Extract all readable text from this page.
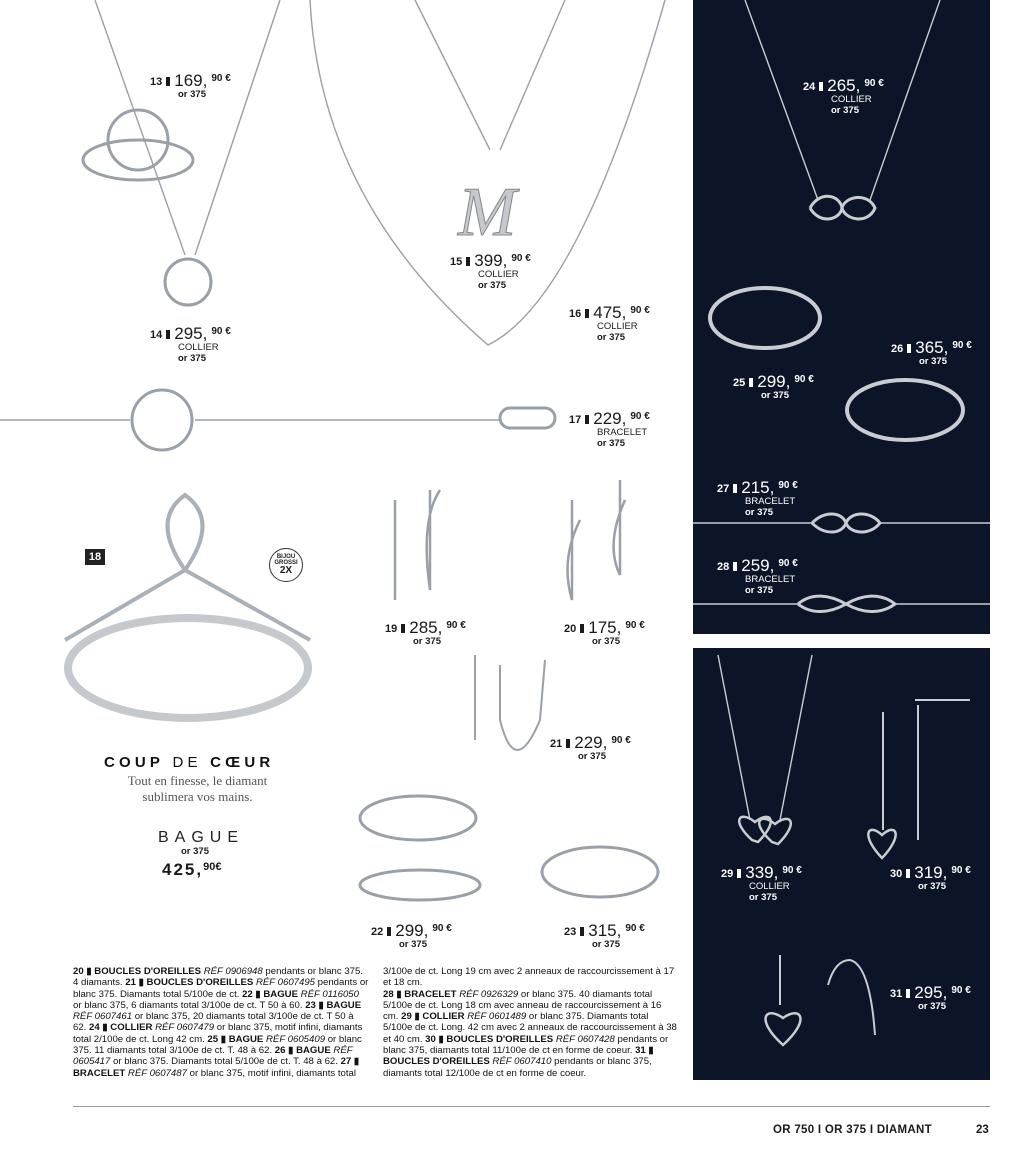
M
13 169, 90 €
or 375
14 295, 90 €
COLLIER
or 375
15 399, 90 €
COLLIER
or 375
16 475, 90 €
COLLIER
or 375
17 229, 90 €
BRACELET
or 375
19 285, 90 €
or 375
20 175, 90 €
or 375
21 229, 90 €
or 375
22 299, 90 €
or 375
23 315, 90 €
or 375
24 265, 90 €
COLLIER
or 375
25 299, 90 €
or 375
26 365, 90 €
or 375
27 215, 90 €
BRACELET
or 375
28 259, 90 €
BRACELET
or 375
29 339, 90 €
COLLIER
or 375
30 319, 90 €
or 375
31 295, 90 €
or 375
18	BIJOU
GROSSI
2X
COUP DE CŒUR
Tout en finesse, le diamant
sublimera vos mains.
BAGUE
or 375
425, 90€
20 ▮ BOUCLES D'OREILLES RÉF 0906948 pendants or blanc 375. 4 diamants. 21 ▮ BOUCLES D'OREILLES RÉF 0607495 pendants or blanc 375. Diamants total 5/100e de ct. 22 ▮ BAGUE RÉF 0116050 or blanc 375, 6 diamants total 3/100e de ct. T 50 à 60. 23 ▮ BAGUE RÉF 0607461 or blanc 375, 20 diamants total 3/100e de ct. T 50 à 62. 24 ▮ COLLIER RÉF 0607479 or blanc 375, motif infini, diamants total 2/100e de ct. Long 42 cm. 25 ▮ BAGUE RÉF 0605409 or blanc 375. 11 diamants total 3/100e de ct. T. 48 à 62. 26 ▮ BAGUE RÉF 0605417 or blanc 375. Diamants total 5/100e de ct. T. 48 à 62. 27 ▮ BRACELET RÉF 0607487 or blanc 375, motif infini, diamants total
3/100e de ct. Long 19 cm avec 2 anneaux de raccourcissement à 17 et 18 cm.
28 ▮ BRACELET RÉF 0926329 or blanc 375. 40 diamants total 5/100e de ct. Long 18 cm avec anneau de raccourcissement à 16 cm. 29 ▮ COLLIER RÉF 0601489 or blanc 375. Diamants total 5/100e de ct. Long. 42 cm avec 2 anneaux de raccourcissement à 38 et 40 cm. 30 ▮ BOUCLES D'OREILLES RÉF 0607428 pendants or blanc 375, diamants total 11/100e de ct en forme de coeur. 31 ▮ BOUCLES D'OREILLES RÉF 0607410 pendants or blanc 375, diamants total 12/100e de ct en forme de coeur.
OR 750 I OR 375 I DIAMANT	23
